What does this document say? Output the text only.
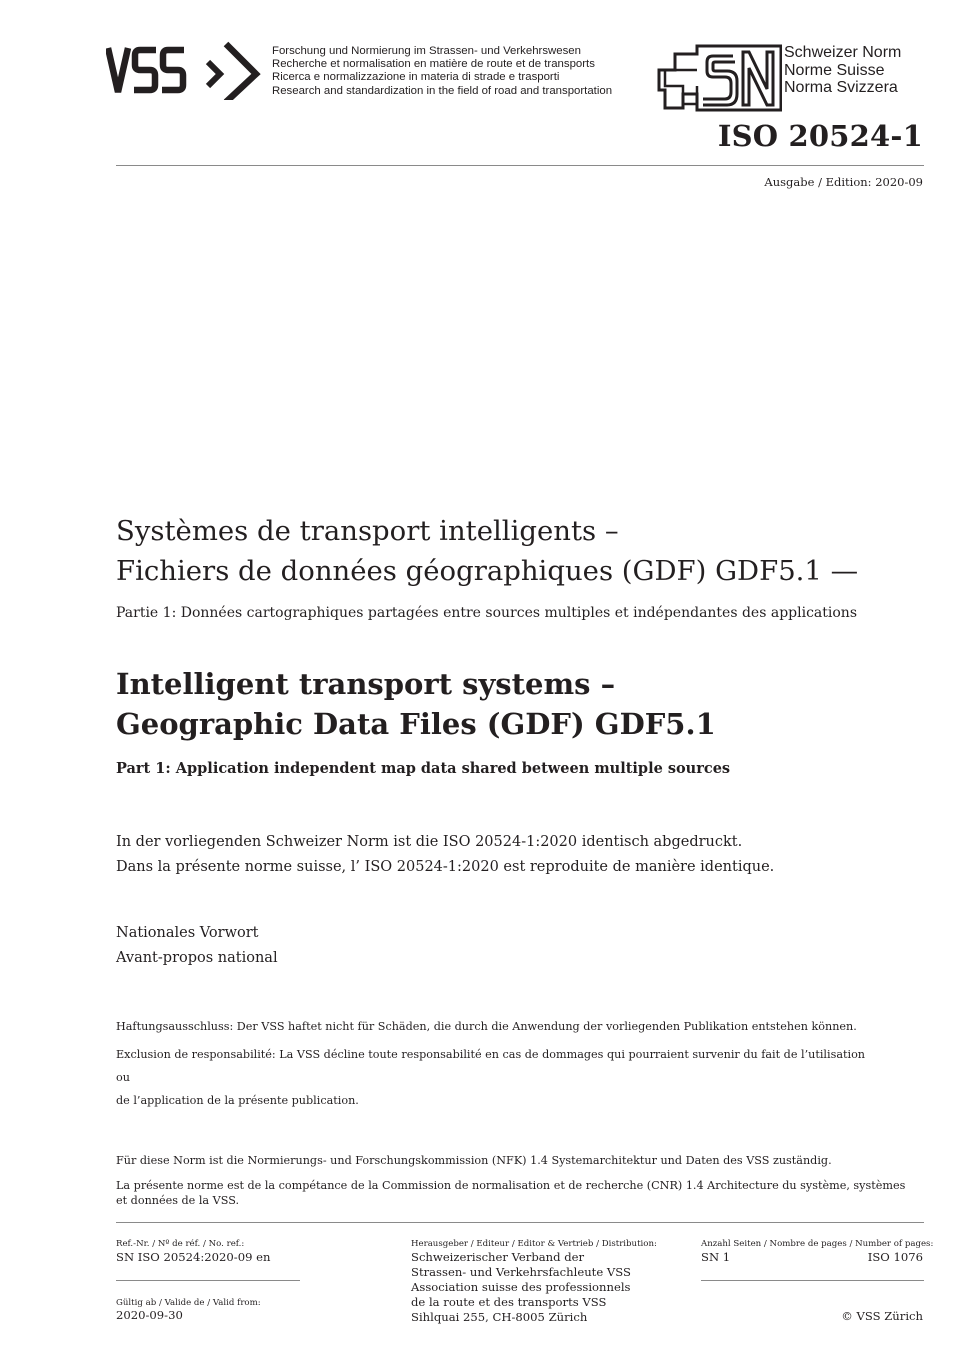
Forschung und Normierung im Strassen- und Verkehrswesen
Recherche et normalisation en matière de route et de transports
Ricerca e normalizzazione in materia di strade e trasporti
Research and standardization in the field of road and transportation
Schweizer Norm
Norme Suisse
Norma Svizzera
ISO 20524-1
Ausgabe / Edition: 2020-09
Systèmes de transport intelligents –
Fichiers de données géographiques (GDF) GDF5.1 —
Partie 1: Données cartographiques partagées entre sources multiples et indépendantes des applications
Intelligent transport systems –
Geographic Data Files (GDF) GDF5.1
Part 1: Application independent map data shared between multiple sources
In der vorliegenden Schweizer Norm ist die ISO 20524-1:2020 identisch abgedruckt.
Dans la présente norme suisse, l’ ISO 20524-1:2020 est reproduite de manière identique.
Nationales Vorwort
Avant-propos national
Haftungsausschluss: Der VSS haftet nicht für Schäden, die durch die Anwendung der vorliegenden Publikation entstehen können.
Exclusion de responsabilité: La VSS décline toute responsabilité en cas de dommages qui pourraient survenir du fait de l’utilisation ou
de l’application de la présente publication.
Für diese Norm ist die Normierungs- und Forschungskommission (NFK) 1.4 Systemarchitektur und Daten des VSS zuständig.
La présente norme est de la compétance de la Commission de normalisation et de recherche (CNR) 1.4 Architecture du système, systèmes et données de la VSS.
Ref.-Nr. / Nº de réf. / No. ref.:
SN ISO 20524:2020-09 en
Gültig ab / Valide de / Valid from:
2020-09-30
Herausgeber / Editeur / Editor & Vertrieb / Distribution:
Schweizerischer Verband der
Strassen- und Verkehrsfachleute VSS
Association suisse des professionnels
de la route et des transports VSS
Sihlquai 255, CH-8005 Zürich
Anzahl Seiten / Nombre de pages / Number of pages:
SN 1	ISO 1076
© VSS Zürich
